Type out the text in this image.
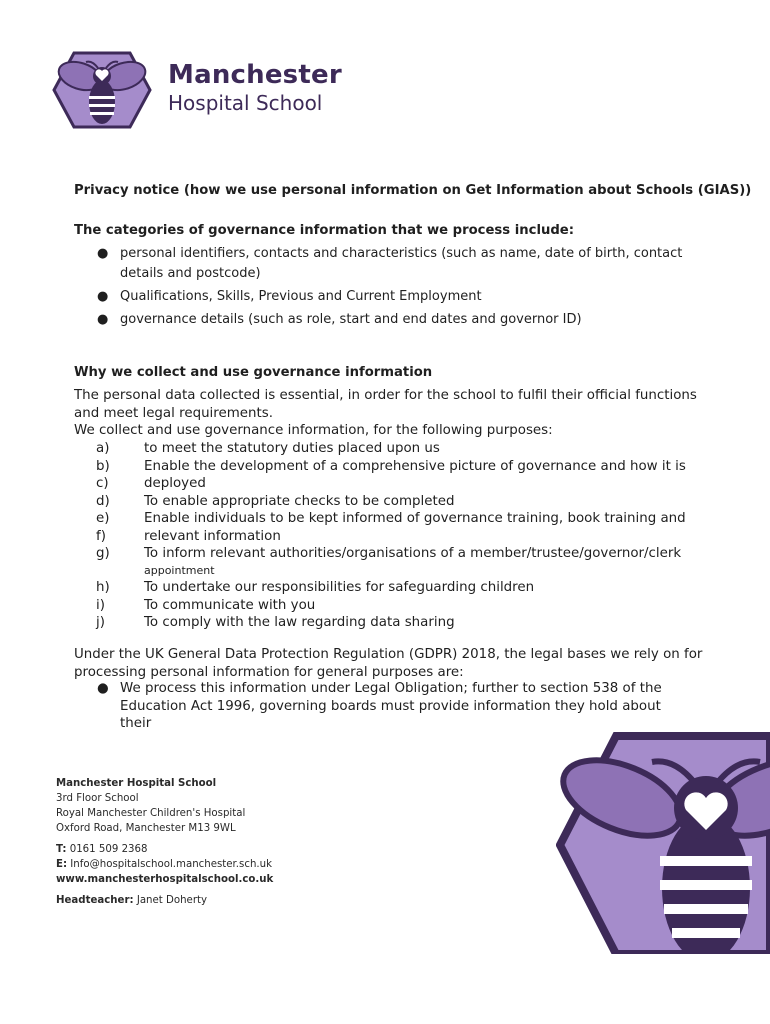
Manchester
Hospital School

Privacy notice (how we use personal information on Get Information about Schools (GIAS))

The categories of governance information that we process include:

● personal identifiers, contacts and characteristics (such as name, date of birth, contact details and postcode)
● Qualifications, Skills, Previous and Current Employment
● governance details (such as role, start and end dates and governor ID)

Why we collect and use governance information

The personal data collected is essential, in order for the school to fulfil their official functions and meet legal requirements.
We collect and use governance information, for the following purposes:
a)	to meet the statutory duties placed upon us
b)	Enable the development of a comprehensive picture of governance and how it is
c)	deployed
d)	To enable appropriate checks to be completed
e)	Enable individuals to be kept informed of governance training, book training and
f)	relevant information
g)	To inform relevant authorities/organisations of a member/trustee/governor/clerk
appointment
h)	To undertake our responsibilities for safeguarding children
i)	To communicate with you
j)	To comply with the law regarding data sharing
Under the UK General Data Protection Regulation (GDPR) 2018, the legal bases we rely on for processing personal information for general purposes are:
● We process this information under Legal Obligation; further to section 538 of the Education Act 1996, governing boards must provide information they hold about their
Manchester Hospital School
3rd Floor School
Royal Manchester Children's Hospital
Oxford Road, Manchester M13 9WL
T: 0161 509 2368
E: Info@hospitalschool.manchester.sch.uk
www.manchesterhospitalschool.co.uk
Headteacher: Janet Doherty
